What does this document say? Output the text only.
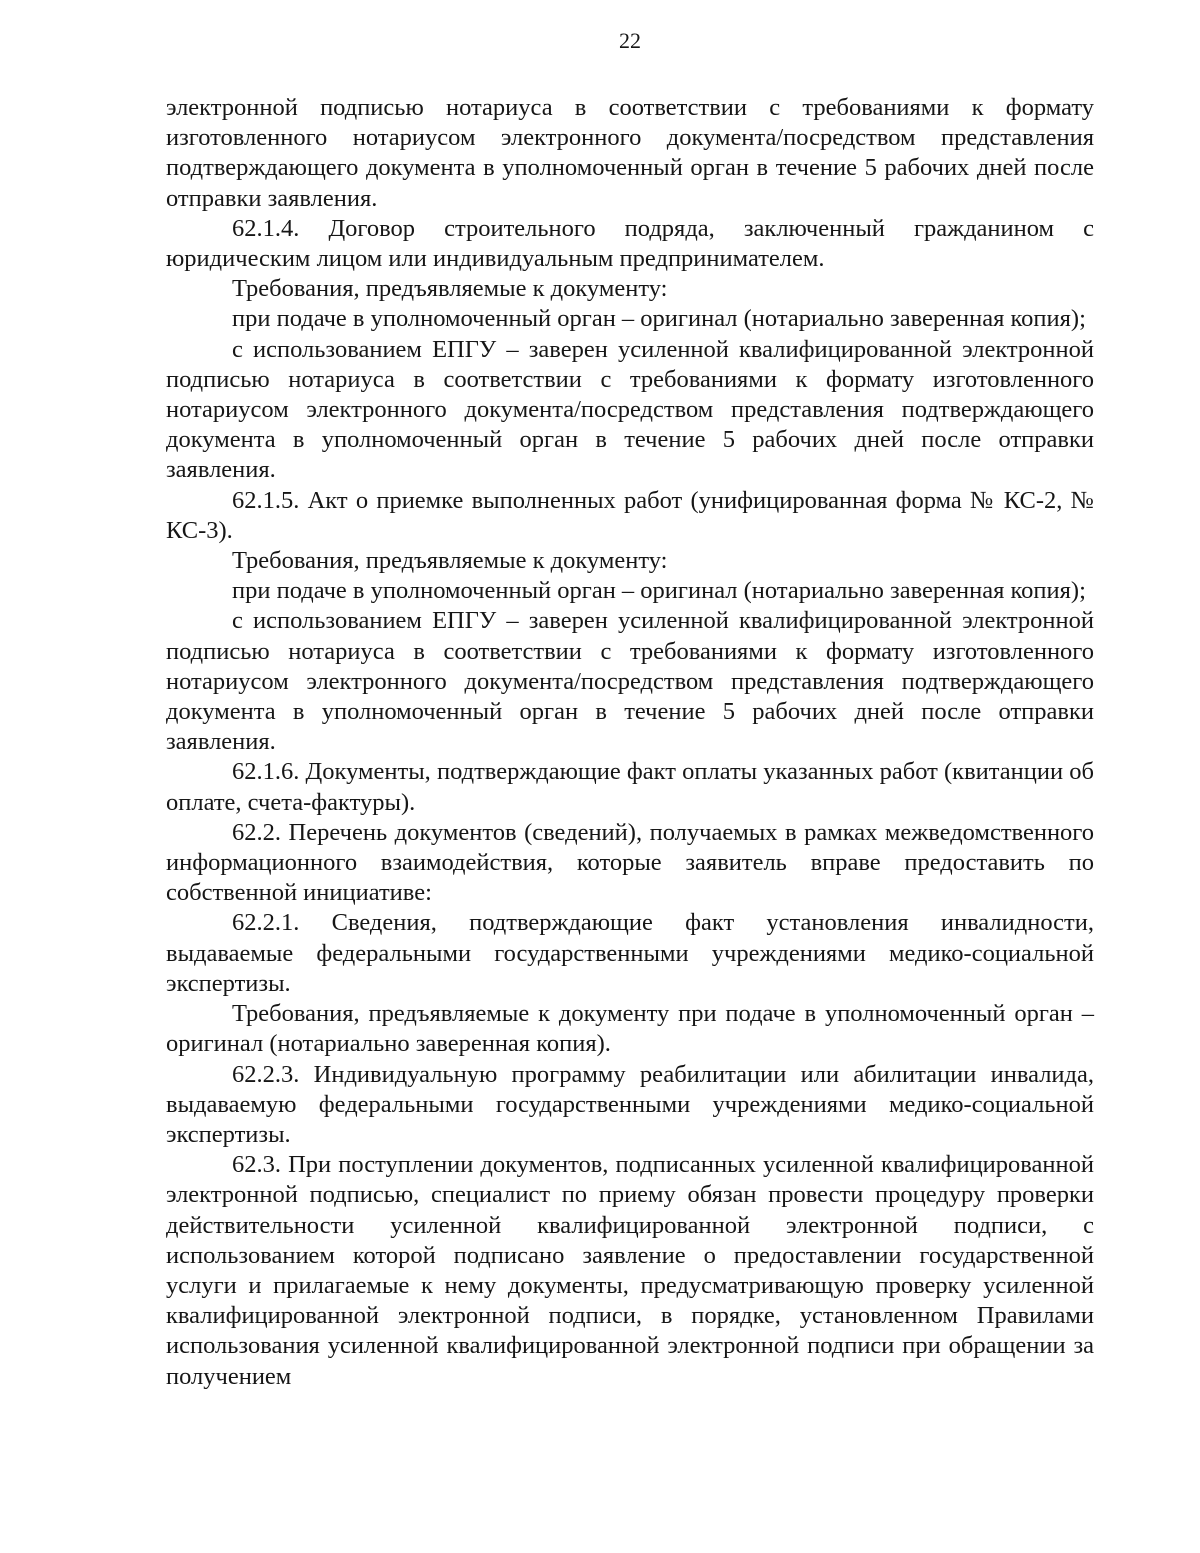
22

электронной подписью нотариуса в соответствии с требованиями к формату изготовленного нотариусом электронного документа/посредством представления подтверждающего документа в уполномоченный орган в течение 5 рабочих дней после отправки заявления.

62.1.4. Договор строительного подряда, заключенный гражданином с юридическим лицом или индивидуальным предпринимателем.

Требования, предъявляемые к документу:

при подаче в уполномоченный орган – оригинал (нотариально заверенная копия);

с использованием ЕПГУ – заверен усиленной квалифицированной электронной подписью нотариуса в соответствии с требованиями к формату изготовленного нотариусом электронного документа/посредством представления подтверждающего документа в уполномоченный орган в течение 5 рабочих дней после отправки заявления.

62.1.5. Акт о приемке выполненных работ (унифицированная форма № КС-2, № КС-3).

Требования, предъявляемые к документу:

при подаче в уполномоченный орган – оригинал (нотариально заверенная копия);

с использованием ЕПГУ – заверен усиленной квалифицированной электронной подписью нотариуса в соответствии с требованиями к формату изготовленного нотариусом электронного документа/посредством представления подтверждающего документа в уполномоченный орган в течение 5 рабочих дней после отправки заявления.

62.1.6. Документы, подтверждающие факт оплаты указанных работ (квитанции об оплате, счета-фактуры).

62.2. Перечень документов (сведений), получаемых в рамках межведомственного информационного взаимодействия, которые заявитель вправе предоставить по собственной инициативе:

62.2.1. Сведения, подтверждающие факт установления инвалидности, выдаваемые федеральными государственными учреждениями медико-социальной экспертизы.

Требования, предъявляемые к документу при подаче в уполномоченный орган – оригинал (нотариально заверенная копия).

62.2.3. Индивидуальную программу реабилитации или абилитации инвалида, выдаваемую федеральными государственными учреждениями медико-социальной экспертизы.

62.3. При поступлении документов, подписанных усиленной квалифицированной электронной подписью, специалист по приему обязан провести процедуру проверки действительности усиленной квалифицированной электронной подписи, с использованием которой подписано заявление о предоставлении государственной услуги и прилагаемые к нему документы, предусматривающую проверку усиленной квалифицированной электронной подписи, в порядке, установленном Правилами использования усиленной квалифицированной электронной подписи при обращении за получением
